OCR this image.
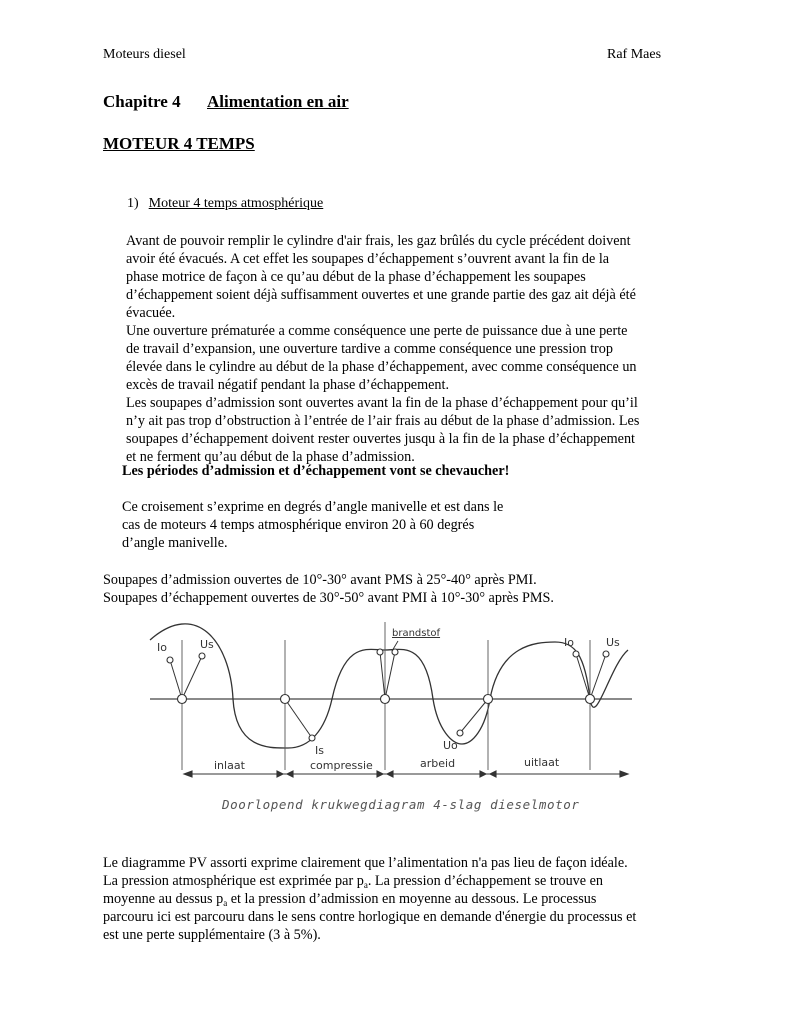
Moteurs diesel	Raf Maes
Chapitre 4 Alimentation en air
MOTEUR 4 TEMPS
1) Moteur 4 temps atmosphérique
Avant de pouvoir remplir le cylindre d'air frais, les gaz brûlés du cycle précédent doivent
avoir été évacués. A cet effet les soupapes d’échappement s’ouvrent avant la fin de la
phase motrice de façon à ce qu’au début de la phase d’échappement les soupapes
d’échappement soient déjà suffisamment ouvertes et une grande partie des gaz ait déjà été
évacuée.
Une ouverture prématurée a comme conséquence une perte de puissance due à une perte
de travail d’expansion, une ouverture tardive a comme conséquence une pression trop
élevée dans le cylindre au début de la phase d’échappement, avec comme conséquence un
excès de travail négatif pendant la phase d’échappement.
Les soupapes d’admission sont ouvertes avant la fin de la phase d’échappement pour qu’il
n’y ait pas trop d’obstruction à l’entrée de l’air frais au début de la phase d’admission. Les
soupapes d’échappement doivent rester ouvertes jusqu à la fin de la phase d’échappement
et ne ferment qu’au début de la phase d’admission.
Les périodes d’admission et d’échappement vont se chevaucher!
Ce croisement s’exprime en degrés d’angle manivelle et est dans le
cas de moteurs 4 temps atmosphérique environ 20 à 60 degrés
d’angle manivelle.
Soupapes d’admission ouvertes de 10°-30° avant PMS à 25°-40° après PMI.
Soupapes d’échappement ouvertes de 30°-50° avant PMI à 10°-30° après PMS.
Io	Us
brandstof
Is	Uo
Io	Us
inlaat	compressie	arbeid	uitlaat
Doorlopend krukwegdiagram 4-slag dieselmotor
Le diagramme PV assorti exprime clairement que l’alimentation n'a pas lieu de façon idéale.
La pression atmosphérique est exprimée par $p_a$. La pression d’échappement se trouve en
moyenne au dessus $p_a$ et la pression d’admission en moyenne au dessous. Le processus
parcouru ici est parcouru dans le sens contre horlogique en demande d'énergie du processus et
est une perte supplémentaire (3 à 5%).
